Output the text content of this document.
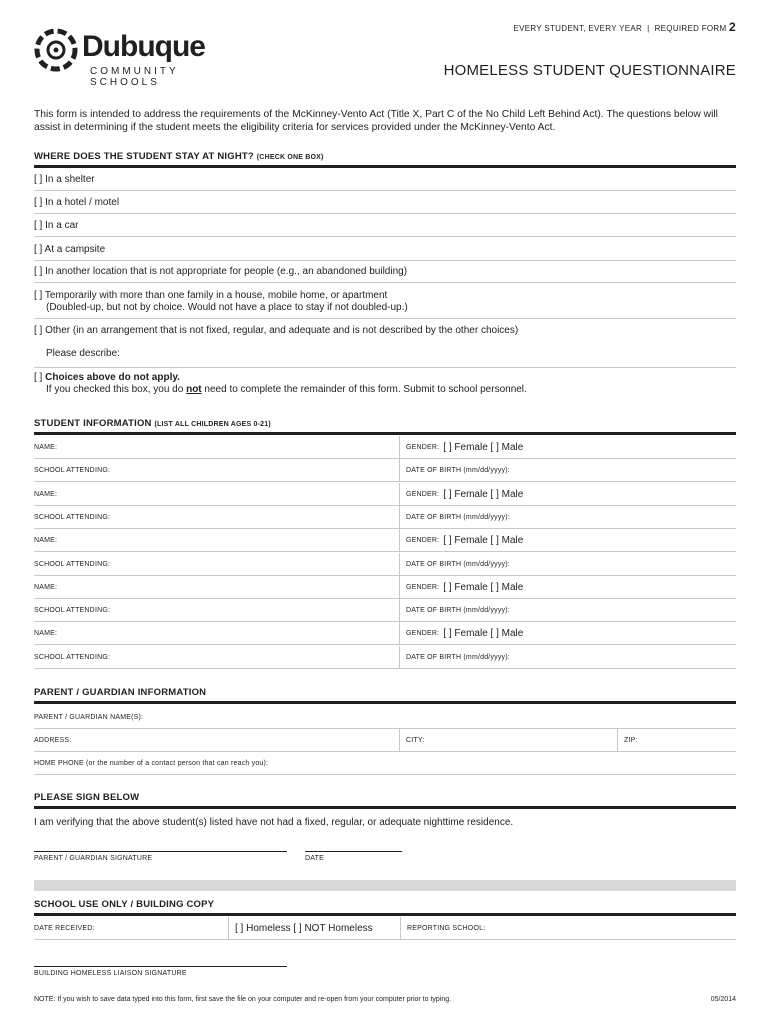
EVERY STUDENT, EVERY YEAR | REQUIRED FORM 2
Dubuque
COMMUNITY SCHOOLS
HOMELESS STUDENT QUESTIONNAIRE
This form is intended to address the requirements of the McKinney-Vento Act (Title X, Part C of the No Child Left Behind Act). The questions below will assist in determining if the student meets the eligibility criteria for services provided under the McKinney-Vento Act.
WHERE DOES THE STUDENT STAY AT NIGHT? (CHECK ONE BOX)
[ ] In a shelter
[ ] In a hotel / motel
[ ] In a car
[ ] At a campsite
[ ] In another location that is not appropriate for people (e.g., an abandoned building)
[ ] Temporarily with more than one family in a house, mobile home, or apartment
(Doubled-up, but not by choice. Would not have a place to stay if not doubled-up.)
[ ] Other (in an arrangement that is not fixed, regular, and adequate and is not described by the other choices)
Please describe:
[ ] Choices above do not apply.
If you checked this box, you do not need to complete the remainder of this form. Submit to school personnel.
STUDENT INFORMATION (LIST ALL CHILDREN AGES 0-21)
NAME:	GENDER: [ ] Female [ ] Male
SCHOOL ATTENDING:	DATE OF BIRTH (mm/dd/yyyy):
NAME:	GENDER: [ ] Female [ ] Male
SCHOOL ATTENDING:	DATE OF BIRTH (mm/dd/yyyy):
NAME:	GENDER: [ ] Female [ ] Male
SCHOOL ATTENDING:	DATE OF BIRTH (mm/dd/yyyy):
NAME:	GENDER: [ ] Female [ ] Male
SCHOOL ATTENDING:	DATE OF BIRTH (mm/dd/yyyy):
NAME:	GENDER: [ ] Female [ ] Male
SCHOOL ATTENDING:	DATE OF BIRTH (mm/dd/yyyy):
PARENT / GUARDIAN INFORMATION
PARENT / GUARDIAN NAME(S):
ADDRESS:	CITY:	ZIP:
HOME PHONE (or the number of a contact person that can reach you):
PLEASE SIGN BELOW
I am verifying that the above student(s) listed have not had a fixed, regular, or adequate nighttime residence.
PARENT / GUARDIAN SIGNATURE	DATE
SCHOOL USE ONLY / BUILDING COPY
DATE RECEIVED:	[ ] Homeless [ ] NOT Homeless	REPORTING SCHOOL:
BUILDING HOMELESS LIAISON SIGNATURE
NOTE: If you wish to save data typed into this form, first save the file on your computer and re-open from your computer prior to typing.	05/2014
